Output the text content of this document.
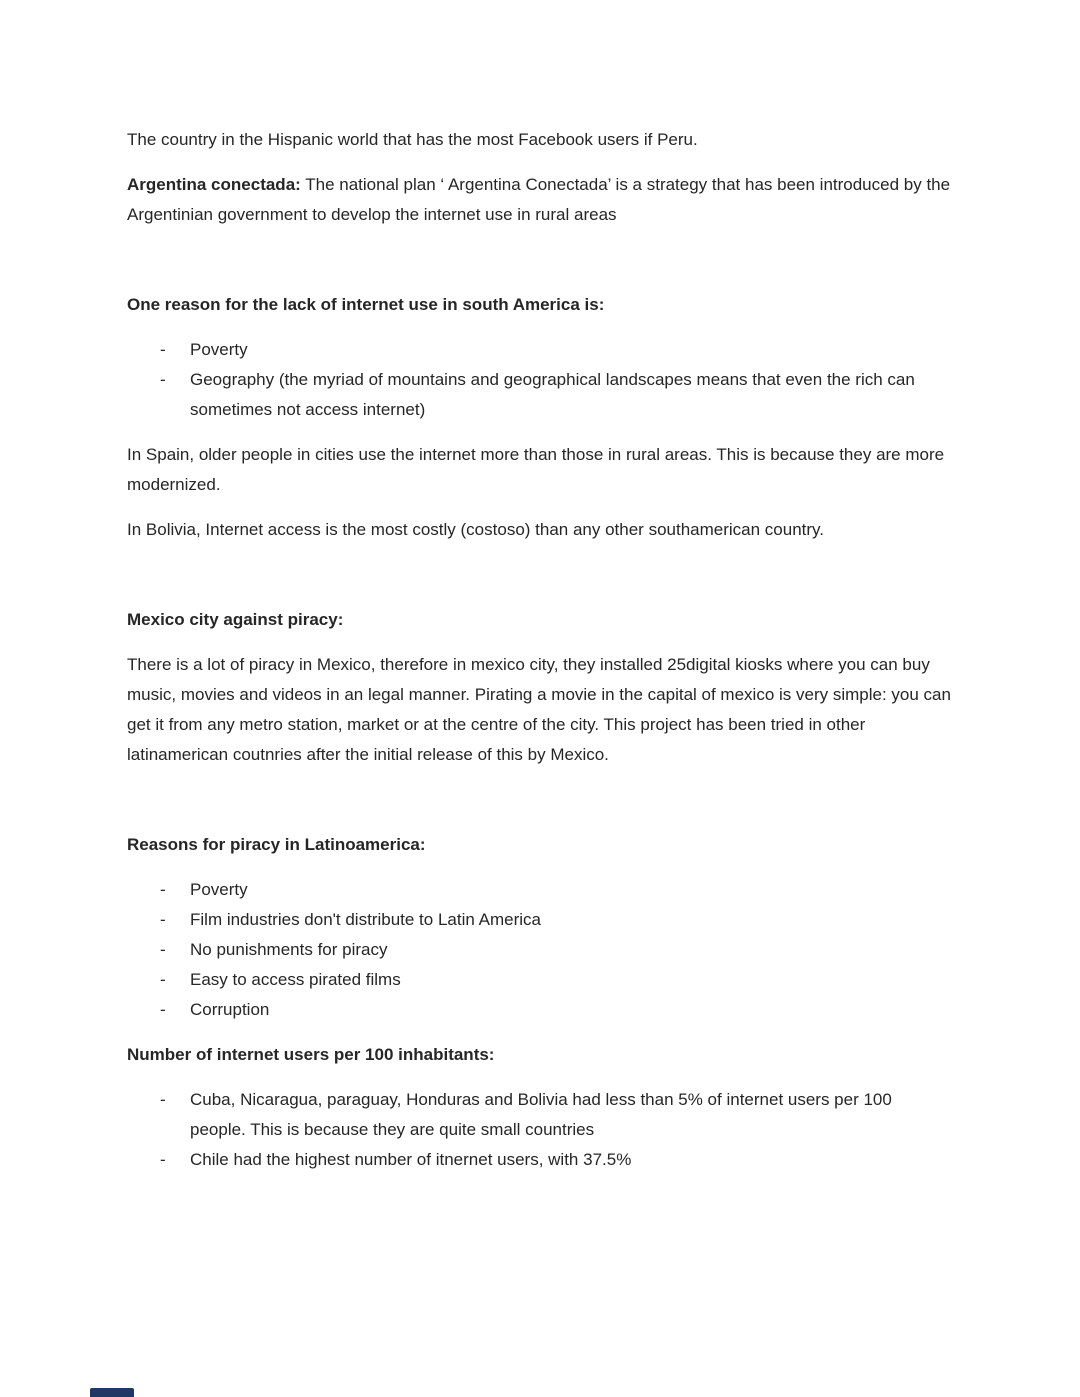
The country in the Hispanic world that has the most Facebook users if Peru.

Argentina conectada: The national plan ‘ Argentina Conectada’ is a strategy that has been introduced by the Argentinian government to develop the internet use in rural areas

One reason for the lack of internet use in south America is:

-	Poverty
-	Geography (the myriad of mountains and geographical landscapes means that even the rich can sometimes not access internet)

In Spain, older people in cities use the internet more than those in rural areas. This is because they are more modernized.

In Bolivia, Internet access is the most costly (costoso) than any other southamerican country.

Mexico city against piracy:

There is a lot of piracy in Mexico, therefore in mexico city, they installed 25digital kiosks where you can buy music, movies and videos in an legal manner. Pirating a movie in the capital of mexico is very simple: you can get it from any metro station, market or at the centre of the city. This project has been tried in other latinamerican coutnries after the initial release of this by Mexico.

Reasons for piracy in Latinoamerica:

-	Poverty
-	Film industries don't distribute to Latin America
-	No punishments for piracy
-	Easy to access pirated films
-	Corruption

Number of internet users per 100 inhabitants:

-	Cuba, Nicaragua, paraguay, Honduras and Bolivia had less than 5% of internet users per 100 people. This is because they are quite small countries
-	Chile had the highest number of itnernet users, with 37.5%
